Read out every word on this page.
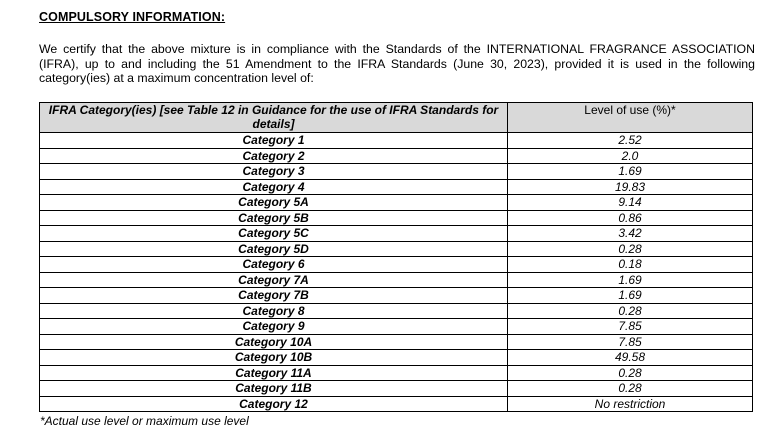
COMPULSORY INFORMATION:
We certify that the above mixture is in compliance with the Standards of the INTERNATIONAL FRAGRANCE ASSOCIATION (IFRA), up to and including the 51 Amendment to the IFRA Standards (June 30, 2023), provided it is used in the following category(ies) at a maximum concentration level of:
IFRA Category(ies) [see Table 12 in Guidance for the use of IFRA Standards for details]	Level of use (%)*
Category 1	2.52
Category 2	2.0
Category 3	1.69
Category 4	19.83
Category 5A	9.14
Category 5B	0.86
Category 5C	3.42
Category 5D	0.28
Category 6	0.18
Category 7A	1.69
Category 7B	1.69
Category 8	0.28
Category 9	7.85
Category 10A	7.85
Category 10B	49.58
Category 11A	0.28
Category 11B	0.28
Category 12	No restriction
*Actual use level or maximum use level
